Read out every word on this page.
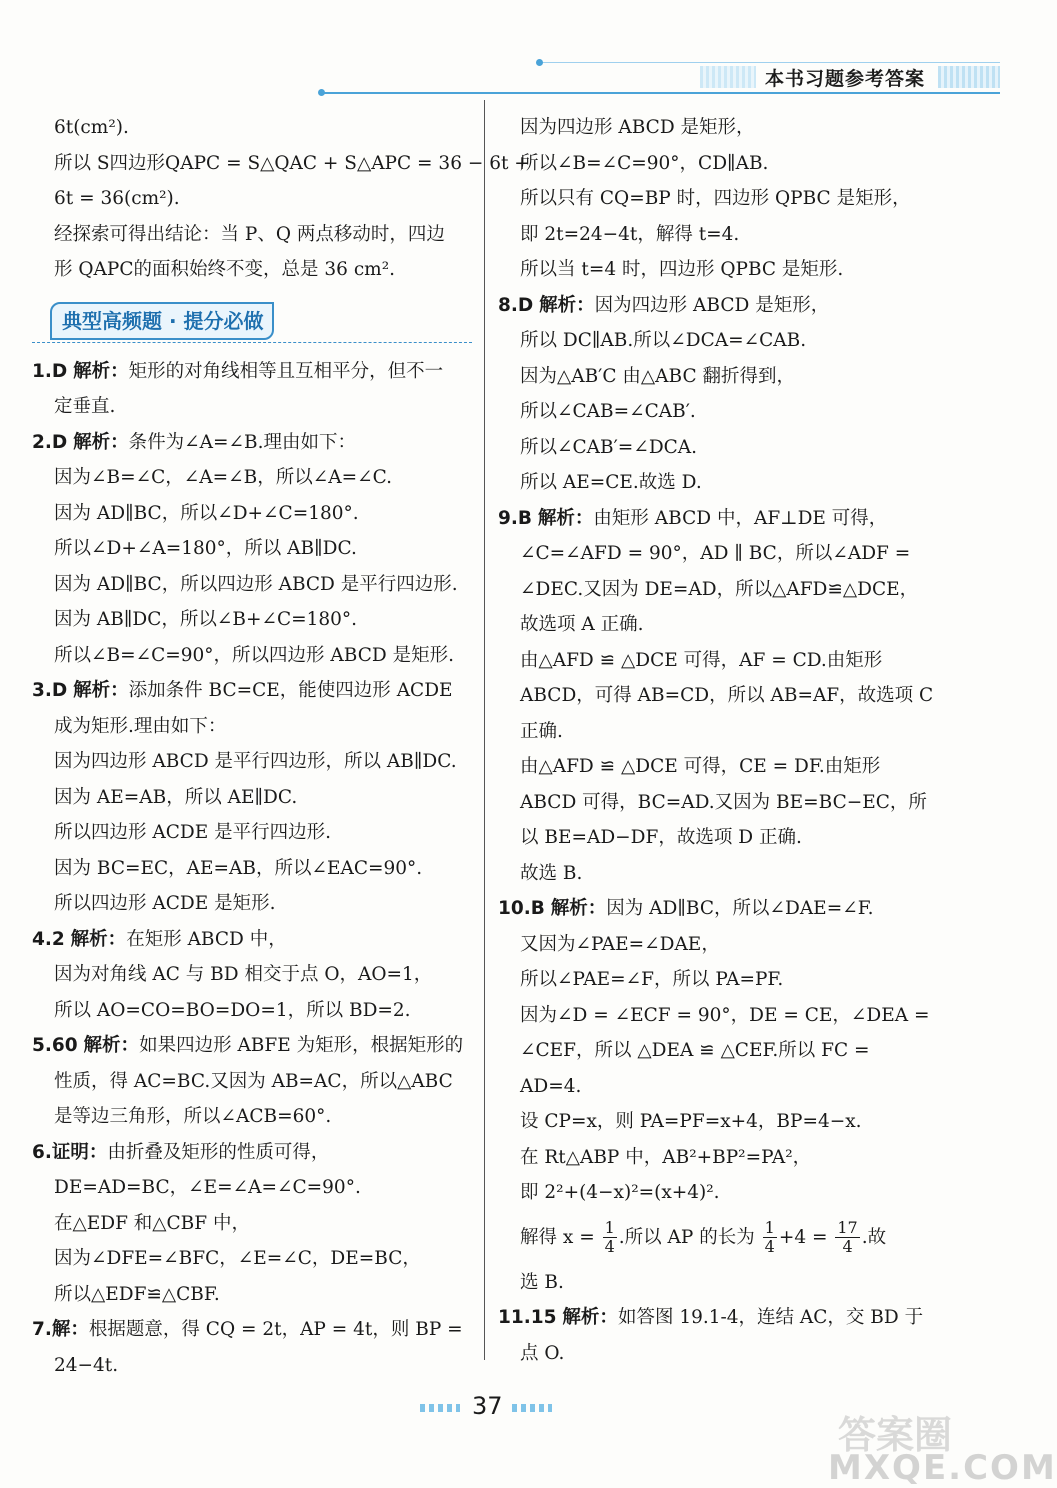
本书习题参考答案
6t(cm²).
所以 S四边形QAPC = S△QAC + S△APC = 36 − 6t +
6t = 36(cm²).
经探索可得出结论：当 P、Q 两点移动时，四边
形 QAPC的面积始终不变，总是 36 cm².
典型高频题 · 提分必做
1.D 解析：矩形的对角线相等且互相平分，但不一
定垂直.
2.D 解析：条件为∠A=∠B.理由如下：
因为∠B=∠C，∠A=∠B，所以∠A=∠C.
因为 AD∥BC，所以∠D+∠C=180°.
所以∠D+∠A=180°，所以 AB∥DC.
因为 AD∥BC，所以四边形 ABCD 是平行四边形.
因为 AB∥DC，所以∠B+∠C=180°.
所以∠B=∠C=90°，所以四边形 ABCD 是矩形.
3.D 解析：添加条件 BC=CE，能使四边形 ACDE
成为矩形.理由如下：
因为四边形 ABCD 是平行四边形，所以 AB∥DC.
因为 AE=AB，所以 AE∥DC.
所以四边形 ACDE 是平行四边形.
因为 BC=EC，AE=AB，所以∠EAC=90°.
所以四边形 ACDE 是矩形.
4.2 解析：在矩形 ABCD 中，
因为对角线 AC 与 BD 相交于点 O，AO=1，
所以 AO=CO=BO=DO=1，所以 BD=2.
5.60 解析：如果四边形 ABFE 为矩形，根据矩形的
性质，得 AC=BC.又因为 AB=AC，所以△ABC
是等边三角形，所以∠ACB=60°.
6.证明：由折叠及矩形的性质可得，
DE=AD=BC，∠E=∠A=∠C=90°.
在△EDF 和△CBF 中，
因为∠DFE=∠BFC，∠E=∠C，DE=BC，
所以△EDF≌△CBF.
7.解：根据题意，得 CQ = 2t，AP = 4t，则 BP =
24−4t.
因为四边形 ABCD 是矩形，
所以∠B=∠C=90°，CD∥AB.
所以只有 CQ=BP 时，四边形 QPBC 是矩形，
即 2t=24−4t，解得 t=4.
所以当 t=4 时，四边形 QPBC 是矩形.
8.D 解析：因为四边形 ABCD 是矩形，
所以 DC∥AB.所以∠DCA=∠CAB.
因为△AB′C 由△ABC 翻折得到，
所以∠CAB=∠CAB′.
所以∠CAB′=∠DCA.
所以 AE=CE.故选 D.
9.B 解析：由矩形 ABCD 中，AF⊥DE 可得，
∠C=∠AFD = 90°，AD ∥ BC，所以∠ADF =
∠DEC.又因为 DE=AD，所以△AFD≌△DCE，
故选项 A 正确.
由△AFD ≌ △DCE 可得，AF = CD.由矩形
ABCD，可得 AB=CD，所以 AB=AF，故选项 C
正确.
由△AFD ≌ △DCE 可得，CE = DF.由矩形
ABCD 可得，BC=AD.又因为 BE=BC−EC，所
以 BE=AD−DF，故选项 D 正确.
故选 B.
10.B 解析：因为 AD∥BC，所以∠DAE=∠F.
又因为∠PAE=∠DAE，
所以∠PAE=∠F，所以 PA=PF.
因为∠D = ∠ECF = 90°，DE = CE，∠DEA =
∠CEF，所以 △DEA ≌ △CEF.所以 FC =
AD=4.
设 CP=x，则 PA=PF=x+4，BP=4−x.
在 Rt△ABP 中，AB²+BP²=PA²，
即 2²+(4−x)²=(x+4)².
解得 $x = \frac{1}{4}$ .所以 AP 的长为 $\frac{1}{4} +4 = \frac{17}{4}$ .故
选 B.
11.15 解析：如答图 19.1-4，连结 AC，交 BD 于
点 O.
37
答案圈
MXQE.COM
